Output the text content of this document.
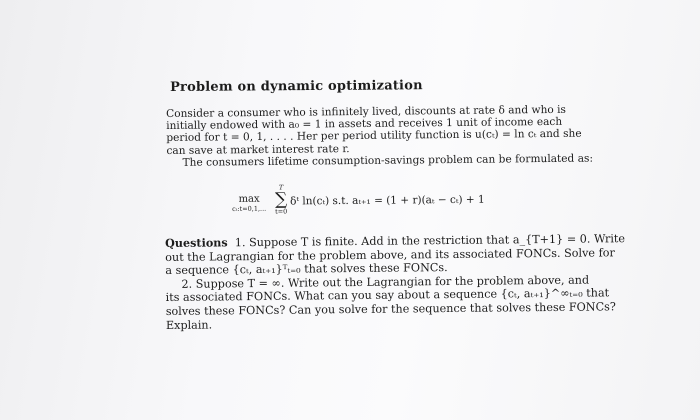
Problem on dynamic optimization
Consider a consumer who is infinitely lived, discounts at rate δ and who is
initially endowed with a₀ = 1 in assets and receives 1 unit of income each
period for t = 0, 1, . . . . Her per period utility function is u(cₜ) = ln cₜ and she
can save at market interest rate r.
The consumers lifetime consumption-savings problem can be formulated as:
max
cₜ:t=0,1,...
T
∑
t=0
δᵗ ln(cₜ) s.t. aₜ₊₁ = (1 + r)(aₜ − cₜ) + 1
Questions 1. Suppose T is finite. Add in the restriction that a_{T+1} = 0. Write
out the Lagrangian for the problem above, and its associated FONCs. Solve for
a sequence {cₜ, aₜ₊₁}ᵀₜ₌₀ that solves these FONCs.
2. Suppose T = ∞. Write out the Lagrangian for the problem above, and
its associated FONCs. What can you say about a sequence {cₜ, aₜ₊₁}^∞ₜ₌₀ that
solves these FONCs? Can you solve for the sequence that solves these FONCs?
Explain.
